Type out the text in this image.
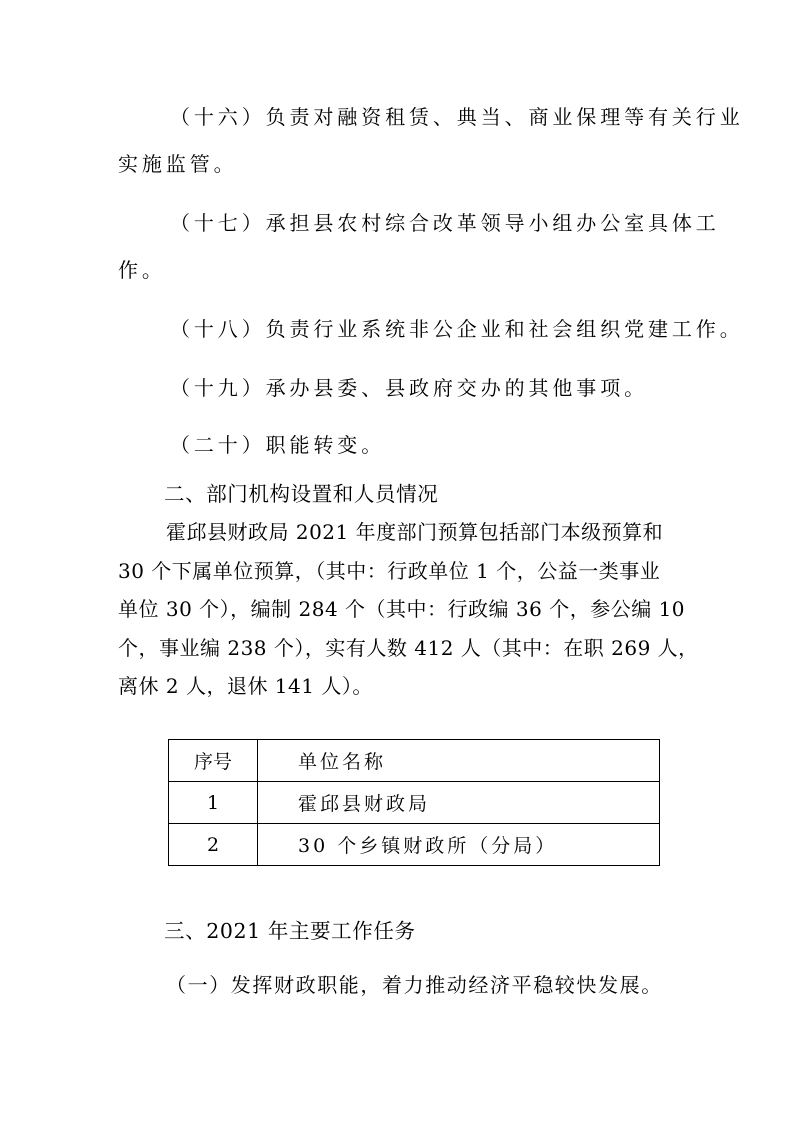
（十六）负责对融资租赁、典当、商业保理等有关行业
实施监管。
（十七）承担县农村综合改革领导小组办公室具体工
作。
（十八）负责行业系统非公企业和社会组织党建工作。
（十九）承办县委、县政府交办的其他事项。
（二十）职能转变。
二、部门机构设置和人员情况
霍邱县财政局 2021 年度部门预算包括部门本级预算和
30 个下属单位预算，（其中：行政单位 1 个，公益一类事业
单位 30 个），编制 284 个（其中：行政编 36 个，参公编 10
个，事业编 238 个），实有人数 412 人（其中：在职 269 人，
离休 2 人，退休 141 人）。
序号	单位名称
1	霍邱县财政局
2	30 个乡镇财政所（分局）
三、2021 年主要工作任务
（一）发挥财政职能，着力推动经济平稳较快发展。
